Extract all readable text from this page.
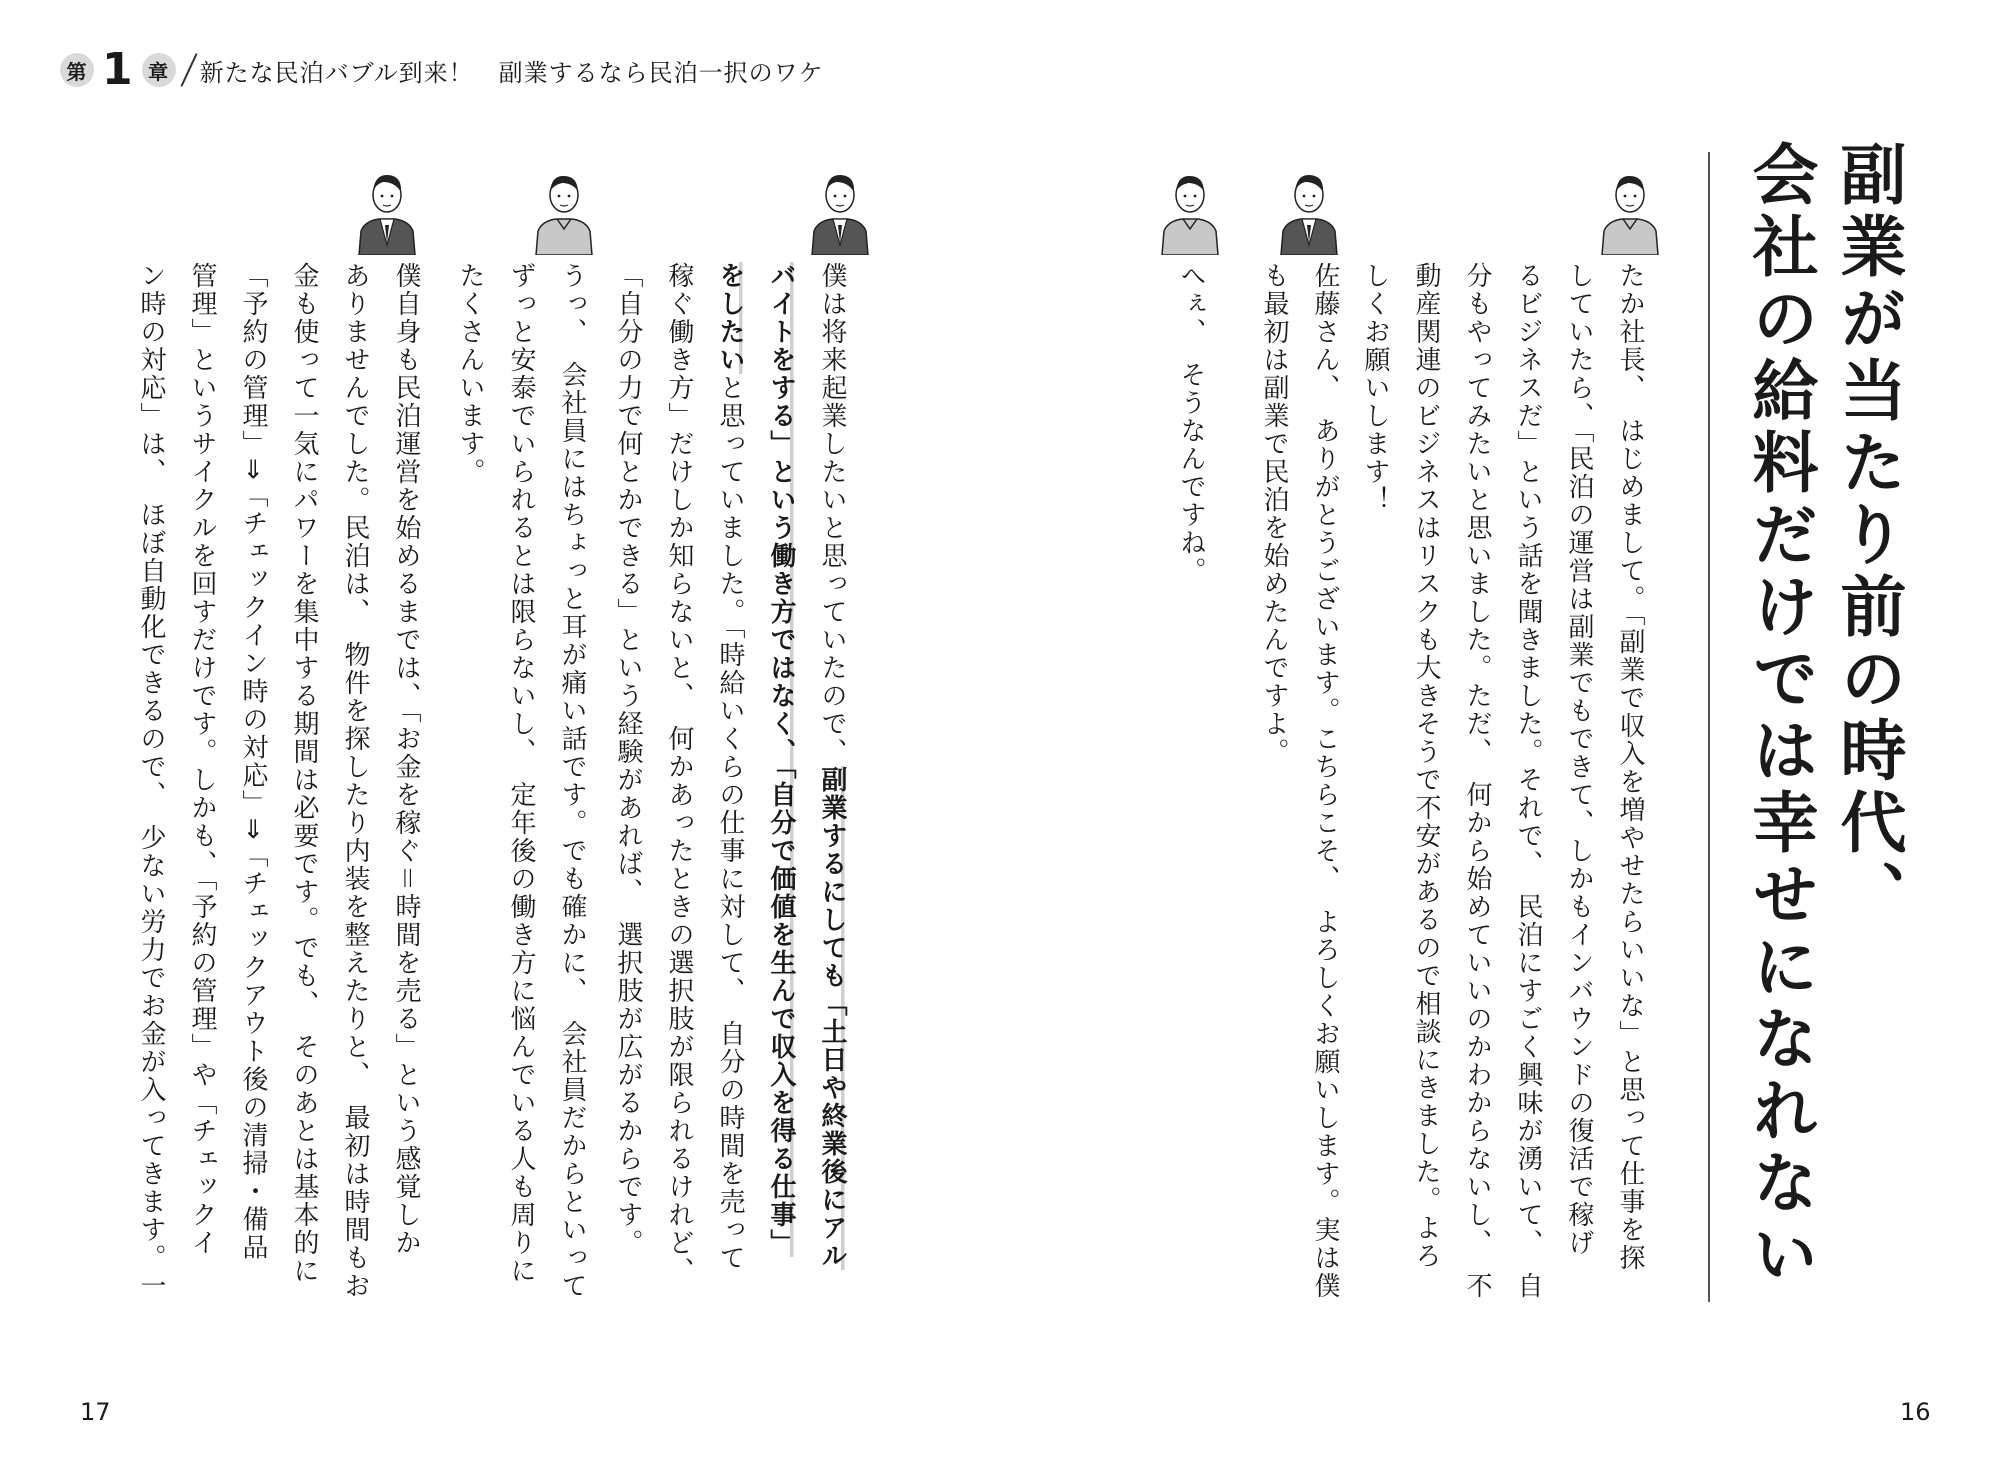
第 1 章 新たな民泊バブル到来！　副業するなら民泊一択のワケ
副業が当たり前の時代、
会社の給料だけでは幸せになれない
たか社長、　はじめまして。「副業で収入を増やせたらいいな」と思って仕事を探
していたら、「民泊の運営は副業でもできて、しかもインバウンドの復活で稼げ
るビジネスだ」という話を聞きました。それで、　民泊にすごく興味が湧いて、　自
分もやってみたいと思いました。ただ、　何から始めていいのかわからないし、　不
動産関連のビジネスはリスクも大きそうで不安があるので相談にきました。よろ
しくお願いします！
佐藤さん、　ありがとうございます。こちらこそ、　よろしくお願いします。実は僕
も最初は副業で民泊を始めたんですよ。
へぇ、　そうなんですね。
僕は将来起業したいと思っていたので、副業するにしても「土日や終業後にアル
バイトをする」という働き方ではなく、「自分で価値を生んで収入を得る仕事」
をしたいと思っていました。「時給いくらの仕事に対して、　自分の時間を売って
稼ぐ働き方」だけしか知らないと、　何かあったときの選択肢が限られるけれど、
「自分の力で何とかできる」という経験があれば、　選択肢が広がるからです。
うっ、　会社員にはちょっと耳が痛い話です。でも確かに、　会社員だからといって
ずっと安泰でいられるとは限らないし、　定年後の働き方に悩んでいる人も周りに
たくさんいます。
僕自身も民泊運営を始めるまでは、「お金を稼ぐ＝時間を売る」という感覚しか
ありませんでした。民泊は、　物件を探したり内装を整えたりと、　最初は時間もお
金も使って一気にパワーを集中する期間は必要です。でも、　そのあとは基本的に
「予約の管理」⇒「チェックイン時の対応」⇒「チェックアウト後の清掃・備品
管理」というサイクルを回すだけです。しかも、「予約の管理」や「チェックイ
ン時の対応」は、　ほぼ自動化できるので、　少ない労力でお金が入ってきます。一
17	16
